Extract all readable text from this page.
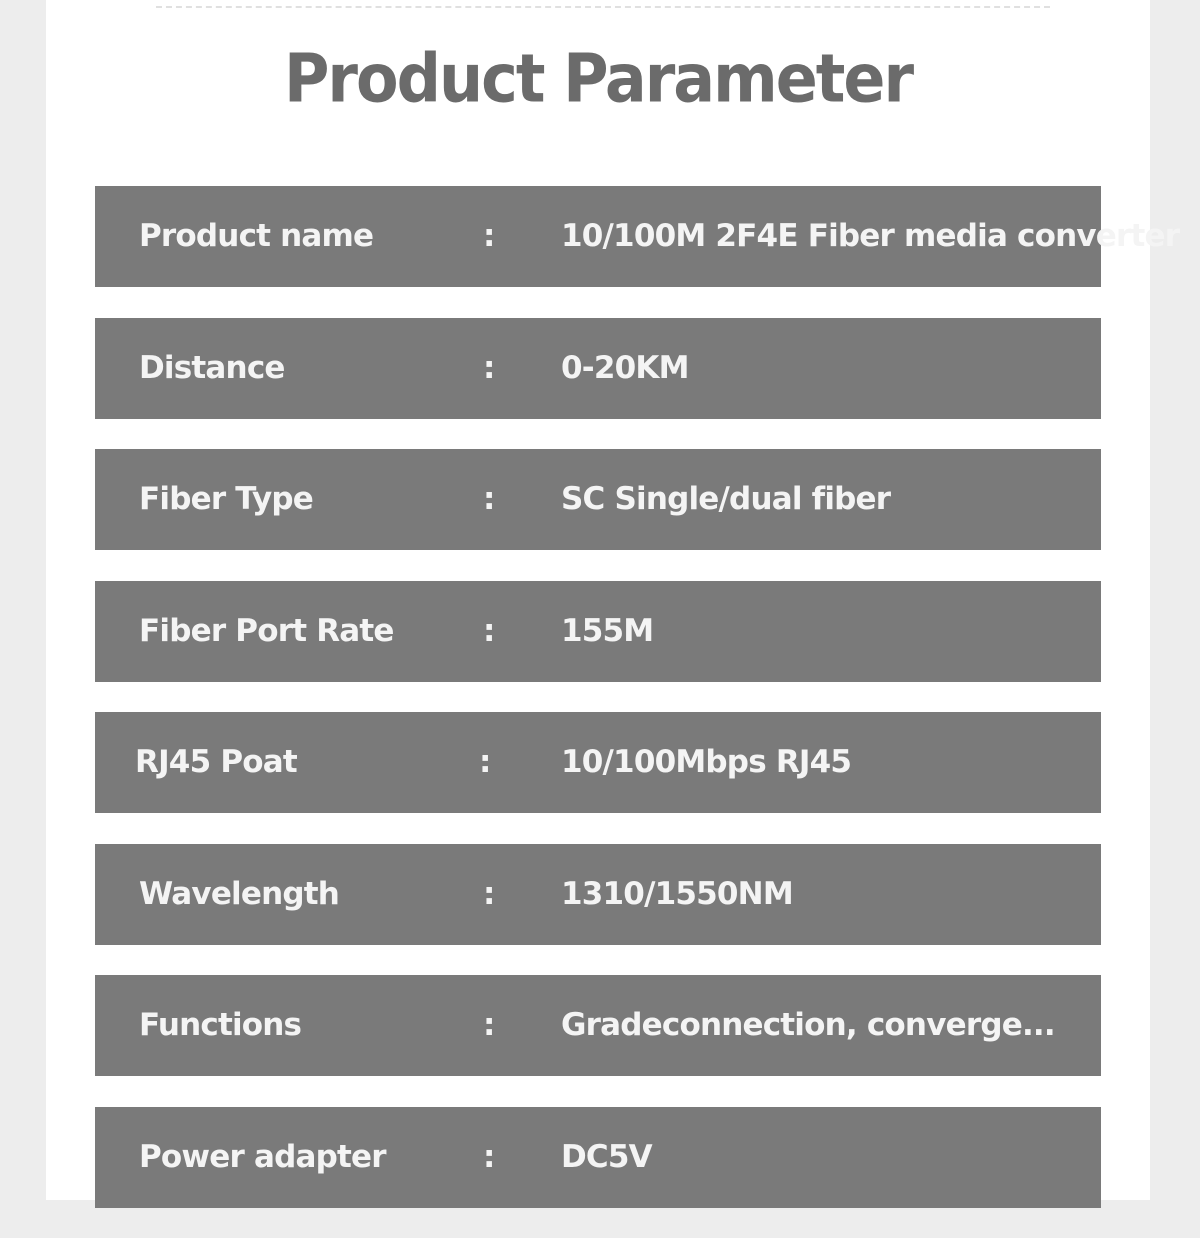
Product Parameter
Product name	: 10/100M 2F4E Fiber media converter
Distance	: 0-20KM
Fiber Type	: SC Single/dual fiber
Fiber Port Rate	: 155M
RJ45 Poat	: 10/100Mbps RJ45
Wavelength	: 1310/1550NM
Functions	: Gradeconnection, converge...
Power adapter	: DC5V
